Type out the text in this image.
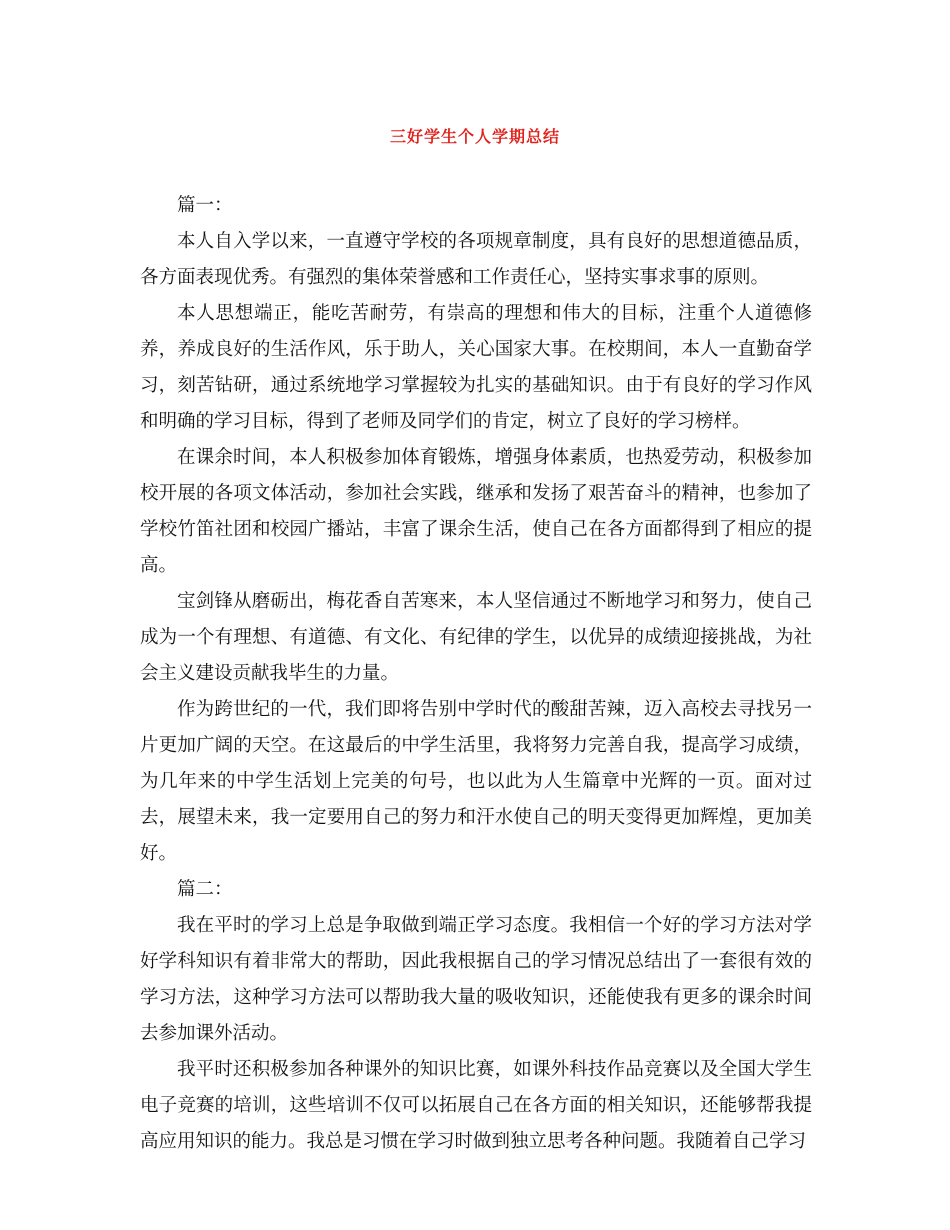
三好学生个人学期总结

篇一：

本人自入学以来，一直遵守学校的各项规章制度，具有良好的思想道德品质，各方面表现优秀。有强烈的集体荣誉感和工作责任心，坚持实事求事的原则。

本人思想端正，能吃苦耐劳，有崇高的理想和伟大的目标，注重个人道德修养，养成良好的生活作风，乐于助人，关心国家大事。在校期间，本人一直勤奋学习，刻苦钻研，通过系统地学习掌握较为扎实的基础知识。由于有良好的学习作风和明确的学习目标，得到了老师及同学们的肯定，树立了良好的学习榜样。

在课余时间，本人积极参加体育锻炼，增强身体素质，也热爱劳动，积极参加校开展的各项文体活动，参加社会实践，继承和发扬了艰苦奋斗的精神，也参加了学校竹笛社团和校园广播站，丰富了课余生活，使自己在各方面都得到了相应的提高。

宝剑锋从磨砺出，梅花香自苦寒来，本人坚信通过不断地学习和努力，使自己成为一个有理想、有道德、有文化、有纪律的学生，以优异的成绩迎接挑战，为社会主义建设贡献我毕生的力量。

作为跨世纪的一代，我们即将告别中学时代的酸甜苦辣，迈入高校去寻找另一片更加广阔的天空。在这最后的中学生活里，我将努力完善自我，提高学习成绩，为几年来的中学生活划上完美的句号，也以此为人生篇章中光辉的一页。面对过去，展望未来，我一定要用自己的努力和汗水使自己的明天变得更加辉煌，更加美好。

篇二：

我在平时的学习上总是争取做到端正学习态度。我相信一个好的学习方法对学好学科知识有着非常大的帮助，因此我根据自己的学习情况总结出了一套很有效的学习方法，这种学习方法可以帮助我大量的吸收知识，还能使我有更多的课余时间去参加课外活动。

我平时还积极参加各种课外的知识比赛，如课外科技作品竞赛以及全国大学生电子竞赛的培训，这些培训不仅可以拓展自己在各方面的相关知识，还能够帮我提高应用知识的能力。我总是习惯在学习时做到独立思考各种问题。我随着自己学习
